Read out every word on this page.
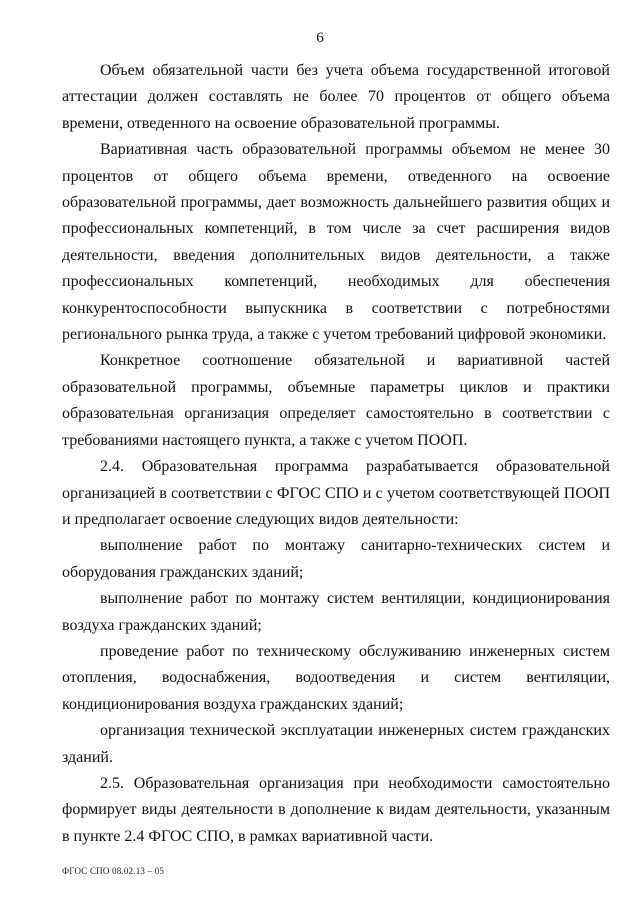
6

Объем обязательной части без учета объема государственной итоговой аттестации должен составлять не более 70 процентов от общего объема времени, отведенного на освоение образовательной программы.

Вариативная часть образовательной программы объемом не менее 30 процентов от общего объема времени, отведенного на освоение образовательной программы, дает возможность дальнейшего развития общих и профессиональных компетенций, в том числе за счет расширения видов деятельности, введения дополнительных видов деятельности, а также профессиональных компетенций, необходимых для обеспечения конкурентоспособности выпускника в соответствии с потребностями регионального рынка труда, а также с учетом требований цифровой экономики.

Конкретное соотношение обязательной и вариативной частей образовательной программы, объемные параметры циклов и практики образовательная организация определяет самостоятельно в соответствии с требованиями настоящего пункта, а также с учетом ПООП.

2.4. Образовательная программа разрабатывается образовательной организацией в соответствии с ФГОС СПО и с учетом соответствующей ПООП и предполагает освоение следующих видов деятельности:

выполнение работ по монтажу санитарно-технических систем и оборудования гражданских зданий;

выполнение работ по монтажу систем вентиляции, кондиционирования воздуха гражданских зданий;

проведение работ по техническому обслуживанию инженерных систем отопления, водоснабжения, водоотведения и систем вентиляции, кондиционирования воздуха гражданских зданий;

организация технической эксплуатации инженерных систем гражданских зданий.

2.5. Образовательная организация при необходимости самостоятельно формирует виды деятельности в дополнение к видам деятельности, указанным в пункте 2.4 ФГОС СПО, в рамках вариативной части.

ФГОС СПО 08.02.13 – 05
